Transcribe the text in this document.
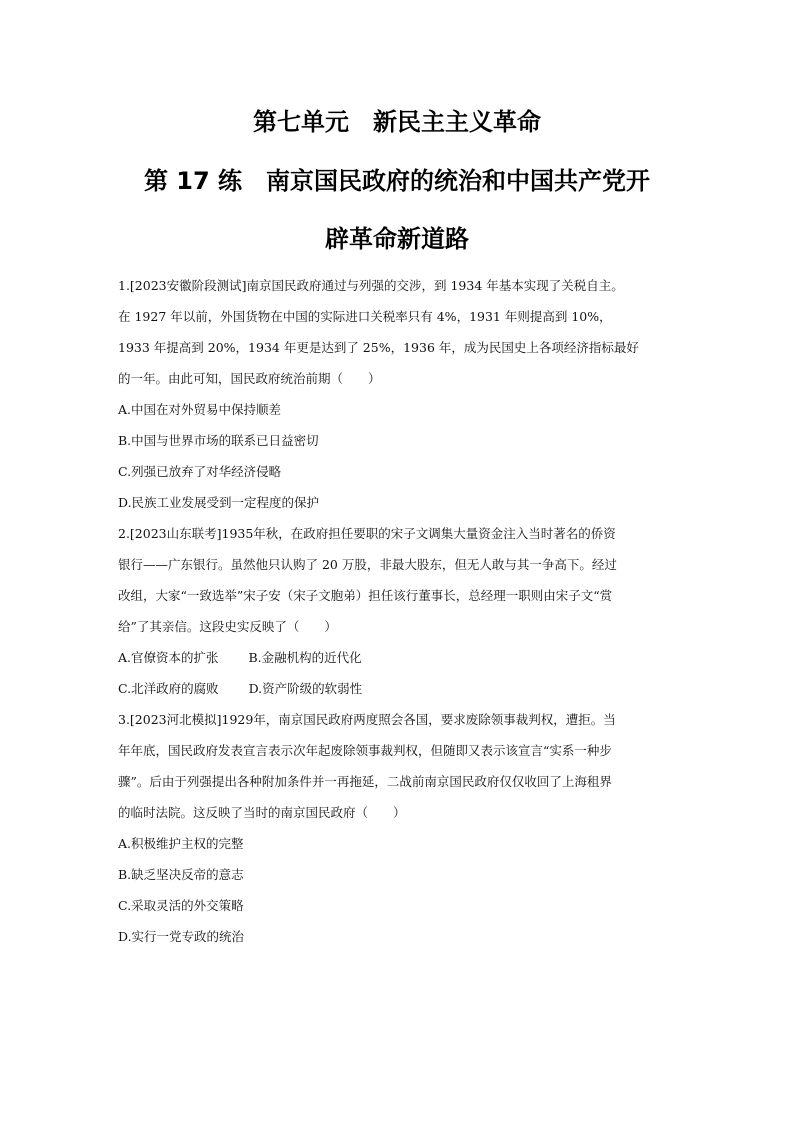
第七单元　新民主主义革命
第 17 练　南京国民政府的统治和中国共产党开
辟革命新道路
1.[2023安徽阶段测试]南京国民政府通过与列强的交涉，到 1934 年基本实现了关税自主。
在 1927 年以前，外国货物在中国的实际进口关税率只有 4%，1931 年则提高到 10%，
1933 年提高到 20%，1934 年更是达到了 25%，1936 年，成为民国史上各项经济指标最好
的一年。由此可知，国民政府统治前期（　　）
A.中国在对外贸易中保持顺差
B.中国与世界市场的联系已日益密切
C.列强已放弃了对华经济侵略
D.民族工业发展受到一定程度的保护
2.[2023山东联考]1935年秋，在政府担任要职的宋子文调集大量资金注入当时著名的侨资
银行——广东银行。虽然他只认购了 20 万股，非最大股东，但无人敢与其一争高下。经过
改组，大家“一致选举”宋子安（宋子文胞弟）担任该行董事长，总经理一职则由宋子文“赏
给”了其亲信。这段史实反映了（　　）
A.官僚资本的扩张 B.金融机构的近代化
C.北洋政府的腐败 D.资产阶级的软弱性
3.[2023河北模拟]1929年，南京国民政府两度照会各国，要求废除领事裁判权，遭拒。当
年年底，国民政府发表宣言表示次年起废除领事裁判权，但随即又表示该宣言“实系一种步
骤”。后由于列强提出各种附加条件并一再拖延，二战前南京国民政府仅仅收回了上海租界
的临时法院。这反映了当时的南京国民政府（　　）
A.积极维护主权的完整
B.缺乏坚决反帝的意志
C.采取灵活的外交策略
D.实行一党专政的统治
